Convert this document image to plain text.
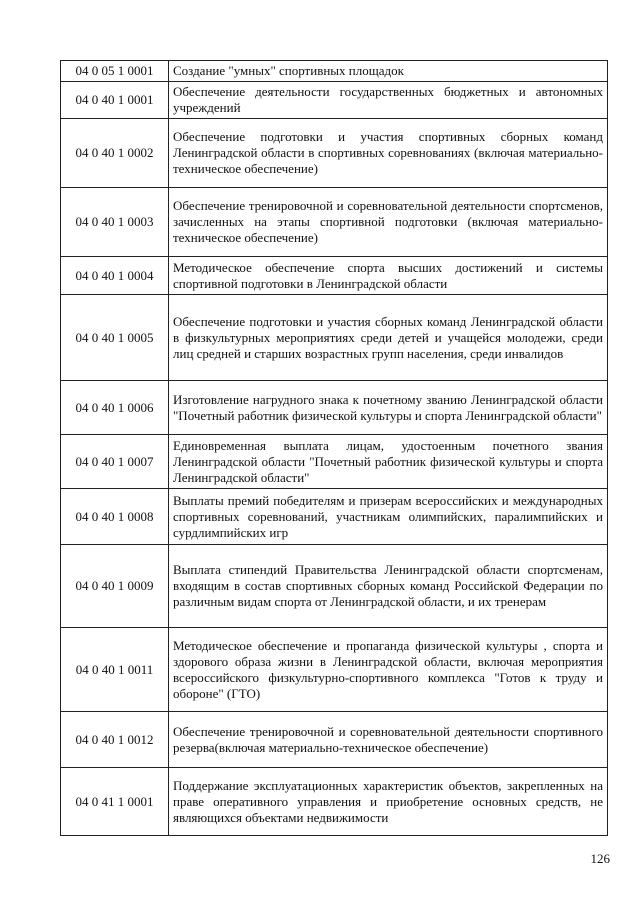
04 0 05 1 0001	Создание "умных" спортивных площадок

04 0 40 1 0001	Обеспечение деятельности государственных бюджетных и автономных учреждений

04 0 40 1 0002	Обеспечение подготовки и участия спортивных сборных команд Ленинградской области в спортивных соревнованиях (включая материально-техническое обеспечение)

04 0 40 1 0003	Обеспечение тренировочной и соревновательной деятельности спортсменов, зачисленных на этапы спортивной подготовки (включая материально-техническое обеспечение)

04 0 40 1 0004	Методическое обеспечение спорта высших достижений и системы спортивной подготовки в Ленинградской области

04 0 40 1 0005	Обеспечение подготовки и участия сборных команд Ленинградской области в физкультурных мероприятиях среди детей и учащейся молодежи, среди лиц средней и старших возрастных групп населения, среди инвалидов

04 0 40 1 0006	Изготовление нагрудного знака к почетному званию Ленинградской области "Почетный работник физической культуры и спорта Ленинградской области"

04 0 40 1 0007	Единовременная выплата лицам, удостоенным почетного звания Ленинградской области "Почетный работник физической культуры и спорта Ленинградской области"

04 0 40 1 0008	Выплаты премий победителям и призерам всероссийских и международных спортивных соревнований, участникам олимпийских, паралимпийских и сурдлимпийских игр

04 0 40 1 0009	Выплата стипендий Правительства Ленинградской области спортсменам, входящим в состав спортивных сборных команд Российской Федерации по различным видам спорта от Ленинградской области, и их тренерам

04 0 40 1 0011	Методическое обеспечение и пропаганда физической культуры , спорта и здорового образа жизни в Ленинградской области, включая мероприятия всероссийского физкультурно-спортивного комплекса "Готов к труду и обороне" (ГТО)

04 0 40 1 0012	Обеспечение тренировочной и соревновательной деятельности спортивного резерва(включая материально-техническое обеспечение)

04 0 41 1 0001	Поддержание эксплуатационных характеристик объектов, закрепленных на праве оперативного управления и приобретение основных средств, не являющихся объектами недвижимости
126
